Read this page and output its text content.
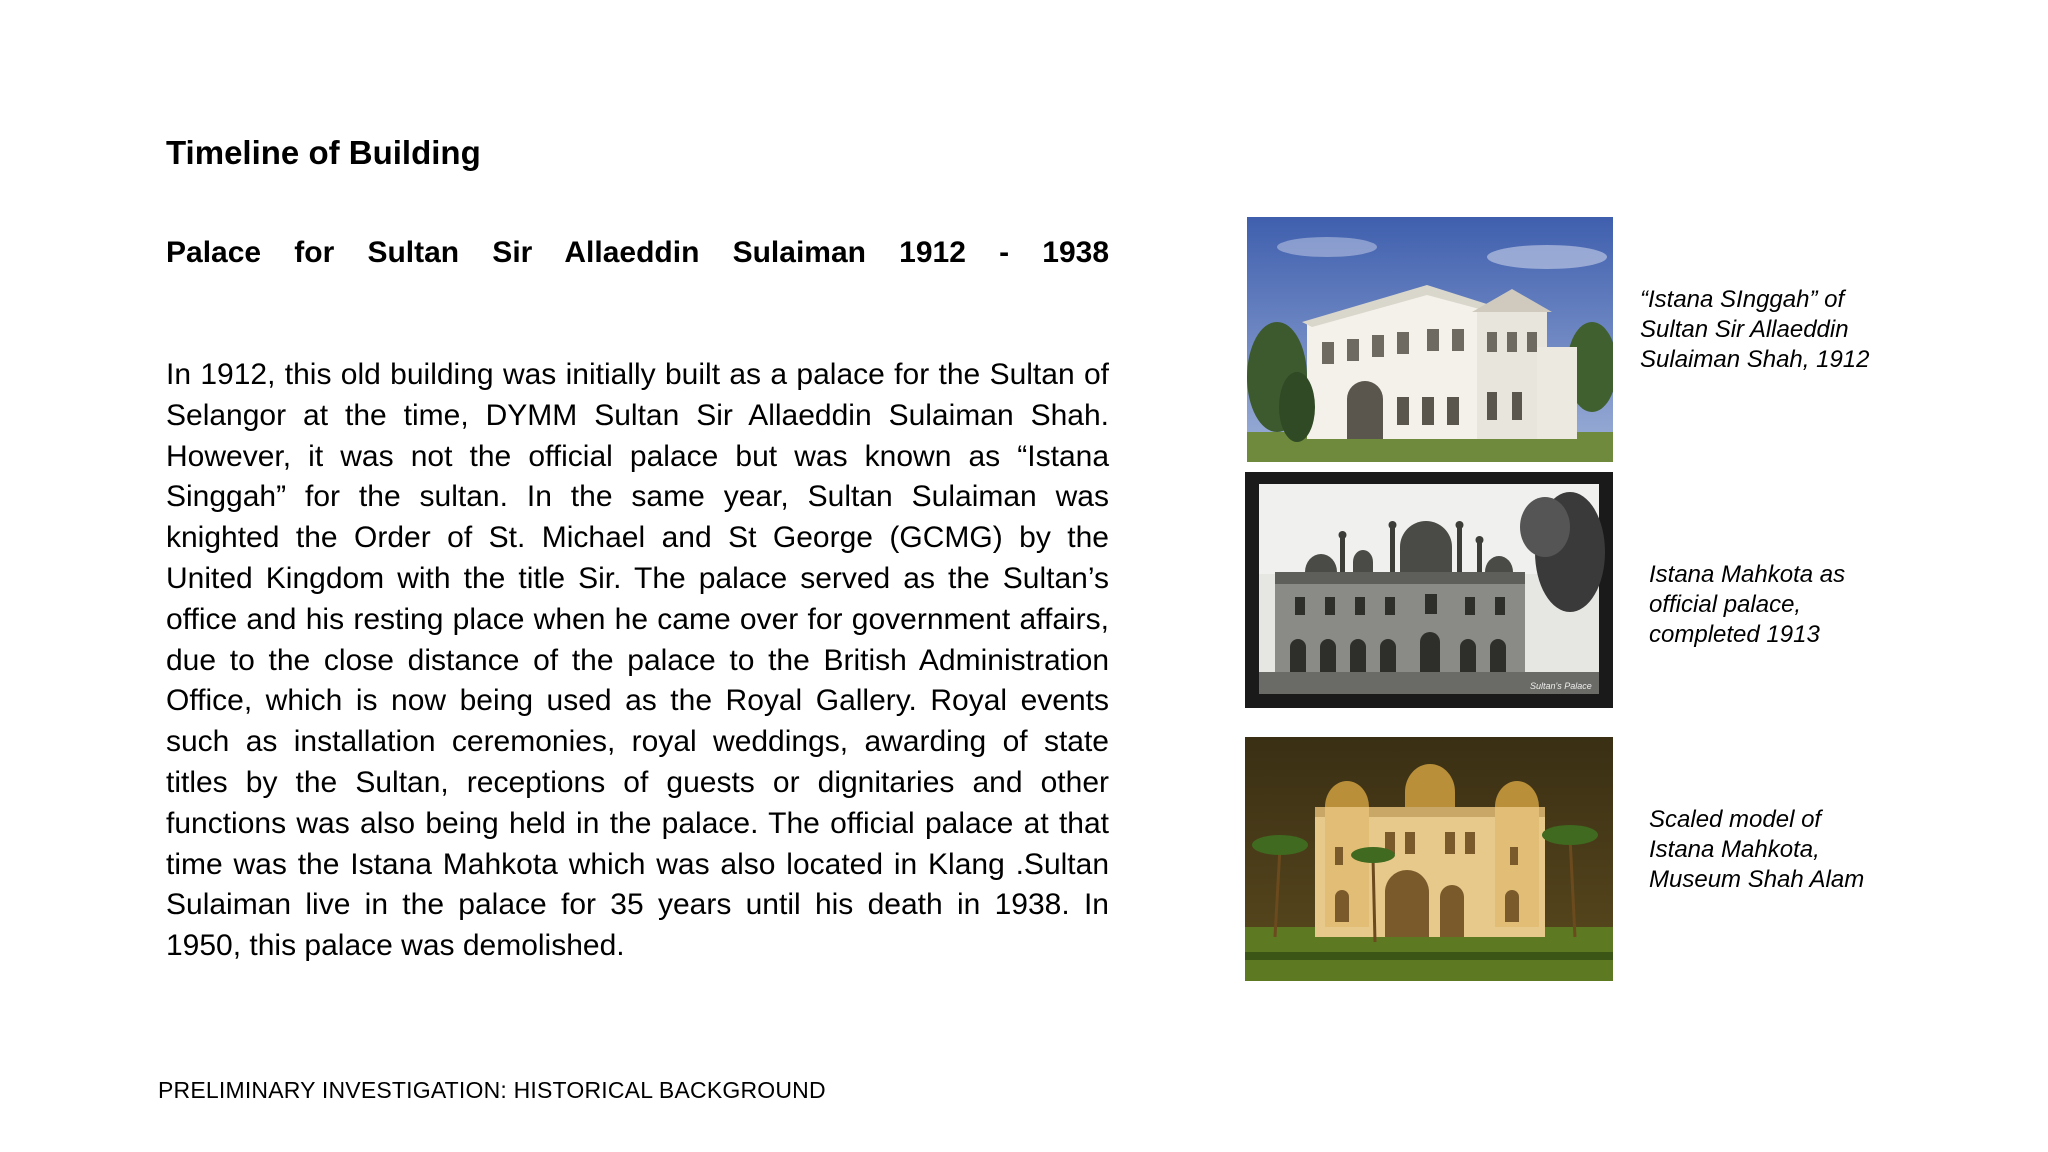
Timeline of Building
Palace for Sultan Sir Allaeddin Sulaiman 1912 - 1938
In 1912, this old building was initially built as a palace for the Sultan of Selangor at the time, DYMM Sultan Sir Allaeddin Sulaiman Shah. However, it was not the official palace but was known as “Istana Singgah” for the sultan. In the same year, Sultan Sulaiman was knighted the Order of St. Michael and St George (GCMG) by the United Kingdom with the title Sir. The palace served as the Sultan’s office and his resting place when he came over for government affairs, due to the close distance of the palace to the British Administration Office, which is now being used as the Royal Gallery. Royal events such as installation ceremonies, royal weddings, awarding of state titles by the Sultan, receptions of guests or dignitaries and other functions was also being held in the palace. The official palace at that time was the Istana Mahkota which was also located in Klang .Sultan Sulaiman live in the palace for 35 years until his death in 1938. In 1950, this palace was demolished.
Sultan's Palace
“Istana SInggah” of Sultan Sir Allaeddin Sulaiman Shah, 1912
Istana Mahkota as official palace, completed 1913
Scaled model of Istana Mahkota, Museum Shah Alam
PRELIMINARY INVESTIGATION: HISTORICAL BACKGROUND
